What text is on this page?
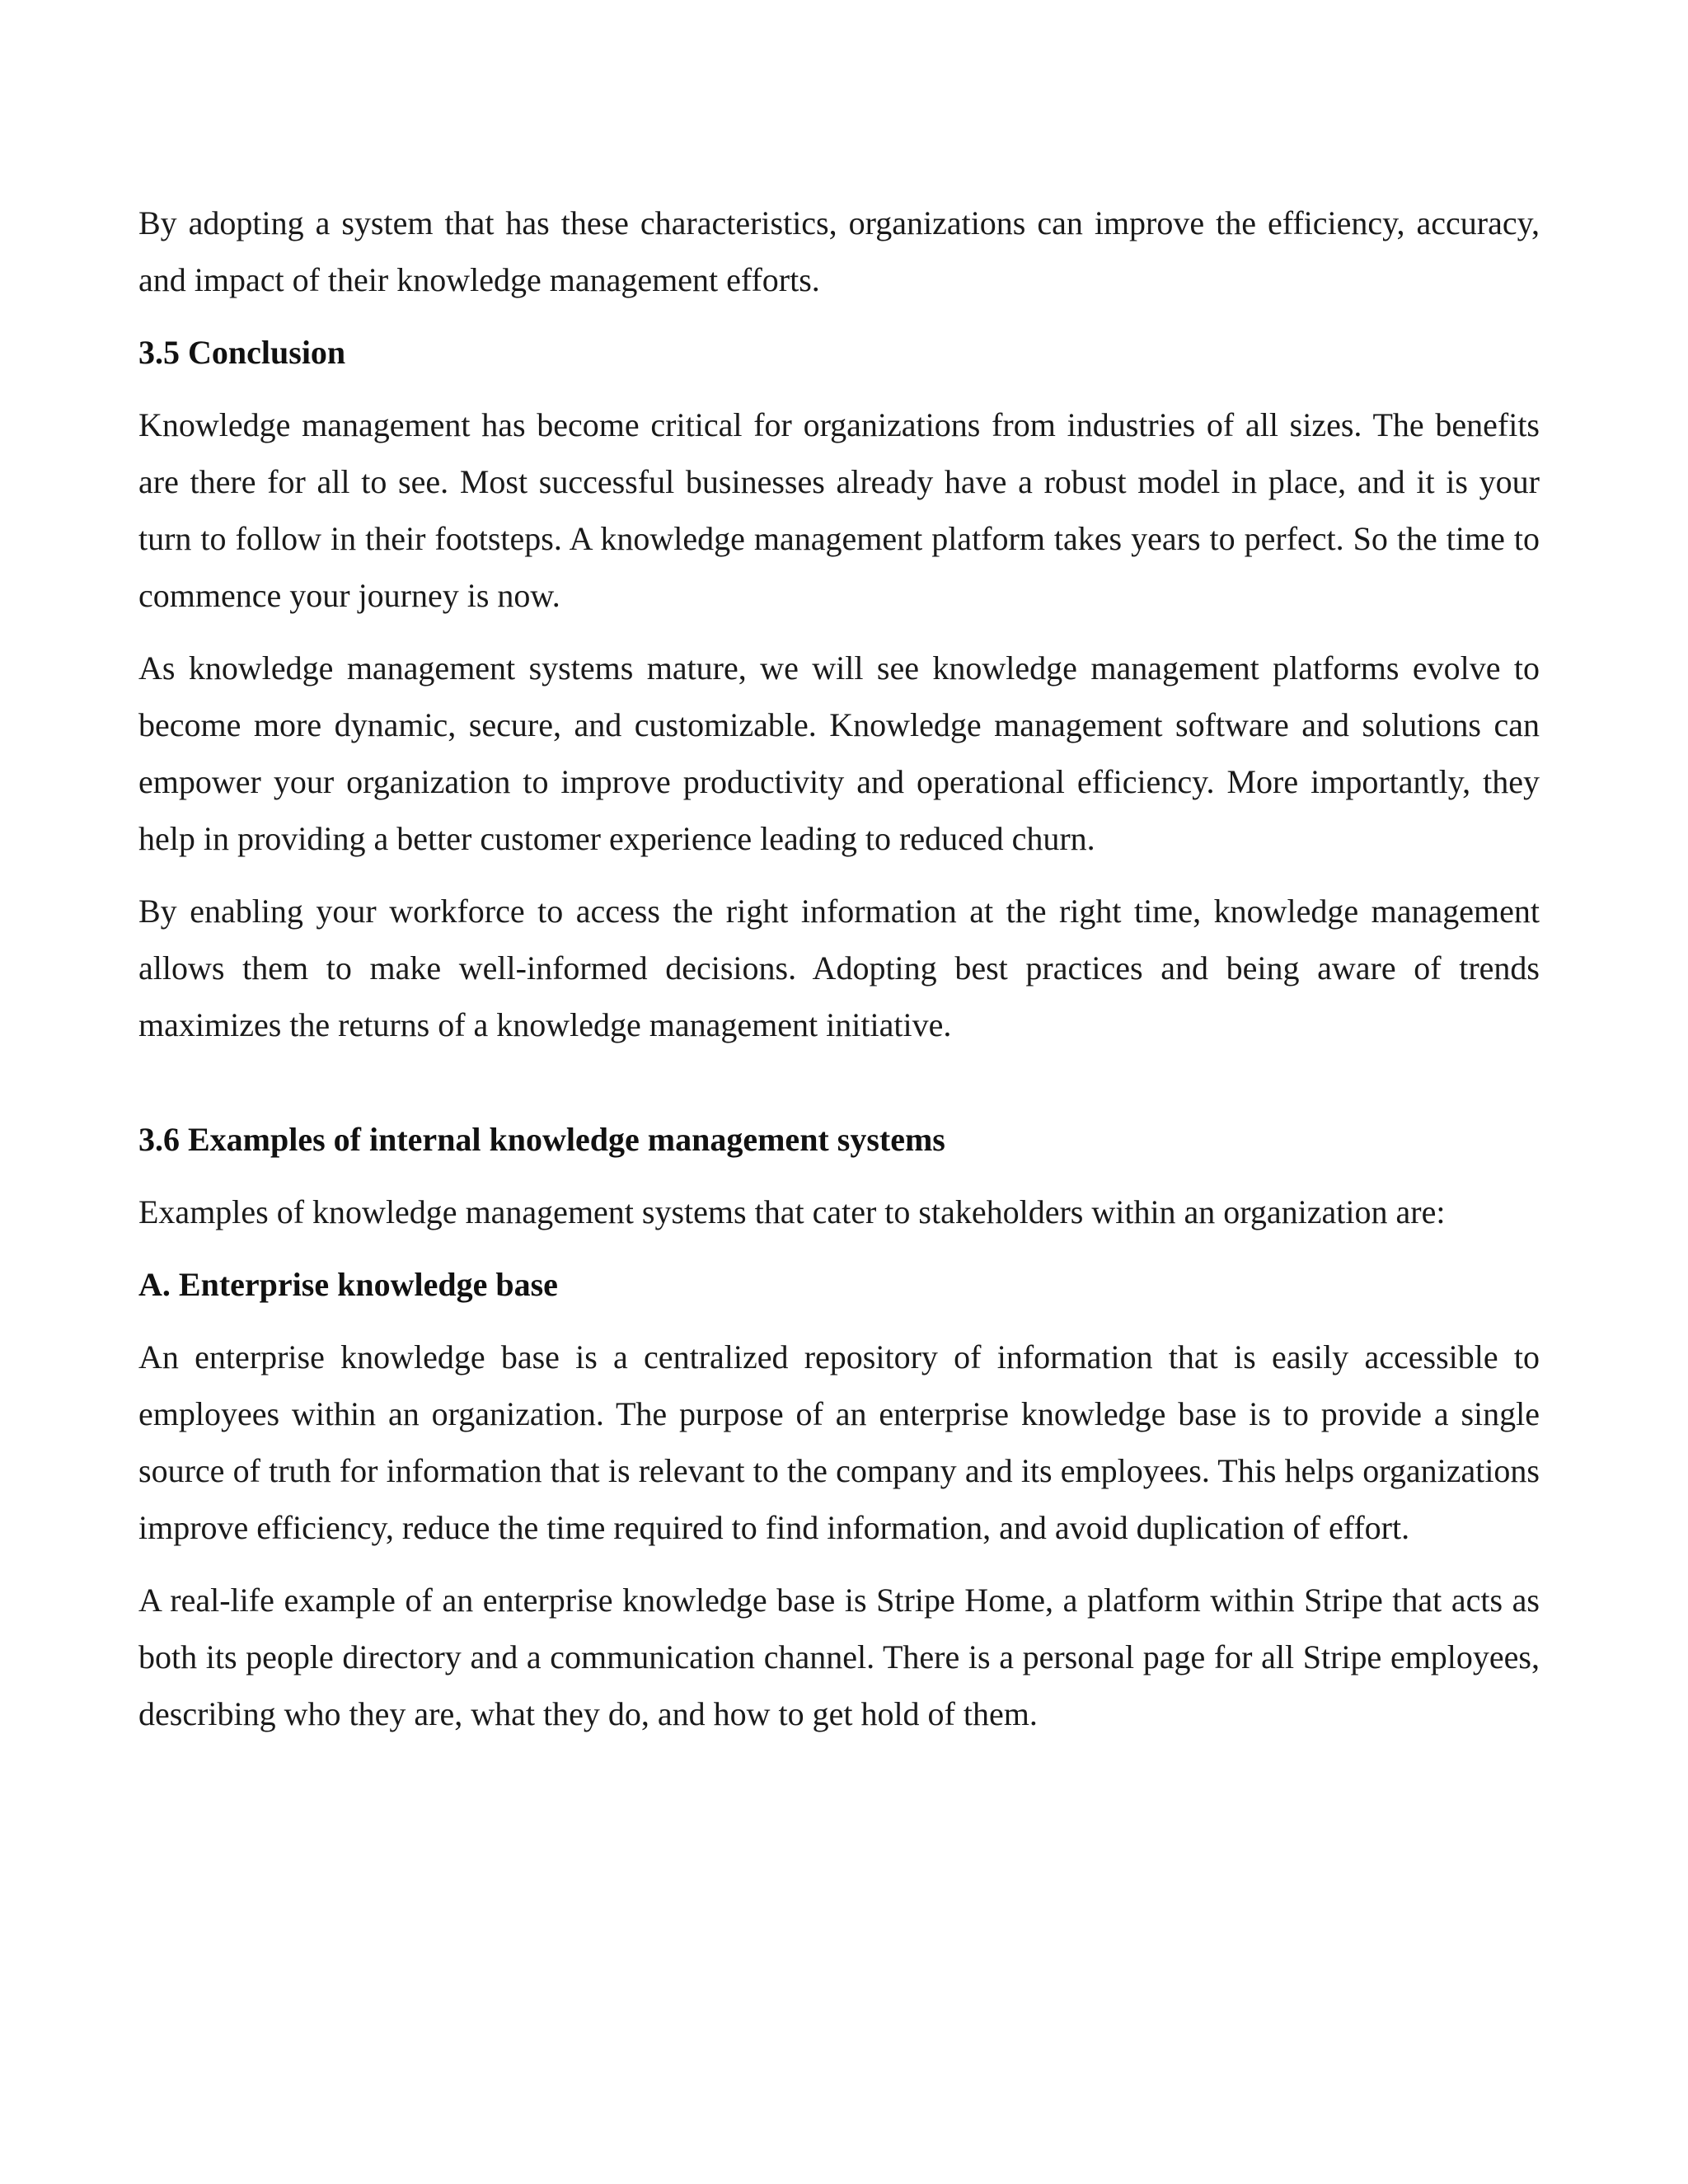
By adopting a system that has these characteristics, organizations can improve the efficiency, accuracy, and impact of their knowledge management efforts.

3.5 Conclusion

Knowledge management has become critical for organizations from industries of all sizes. The benefits are there for all to see. Most successful businesses already have a robust model in place, and it is your turn to follow in their footsteps. A knowledge management platform takes years to perfect. So the time to commence your journey is now.

As knowledge management systems mature, we will see knowledge management platforms evolve to become more dynamic, secure, and customizable. Knowledge management software and solutions can empower your organization to improve productivity and operational efficiency. More importantly, they help in providing a better customer experience leading to reduced churn.

By enabling your workforce to access the right information at the right time, knowledge management allows them to make well-informed decisions. Adopting best practices and being aware of trends maximizes the returns of a knowledge management initiative.

3.6 Examples of internal knowledge management systems

Examples of knowledge management systems that cater to stakeholders within an organization are:

A. Enterprise knowledge base

An enterprise knowledge base is a centralized repository of information that is easily accessible to employees within an organization. The purpose of an enterprise knowledge base is to provide a single source of truth for information that is relevant to the company and its employees. This helps organizations improve efficiency, reduce the time required to find information, and avoid duplication of effort.

A real-life example of an enterprise knowledge base is Stripe Home, a platform within Stripe that acts as both its people directory and a communication channel. There is a personal page for all Stripe employees, describing who they are, what they do, and how to get hold of them.
